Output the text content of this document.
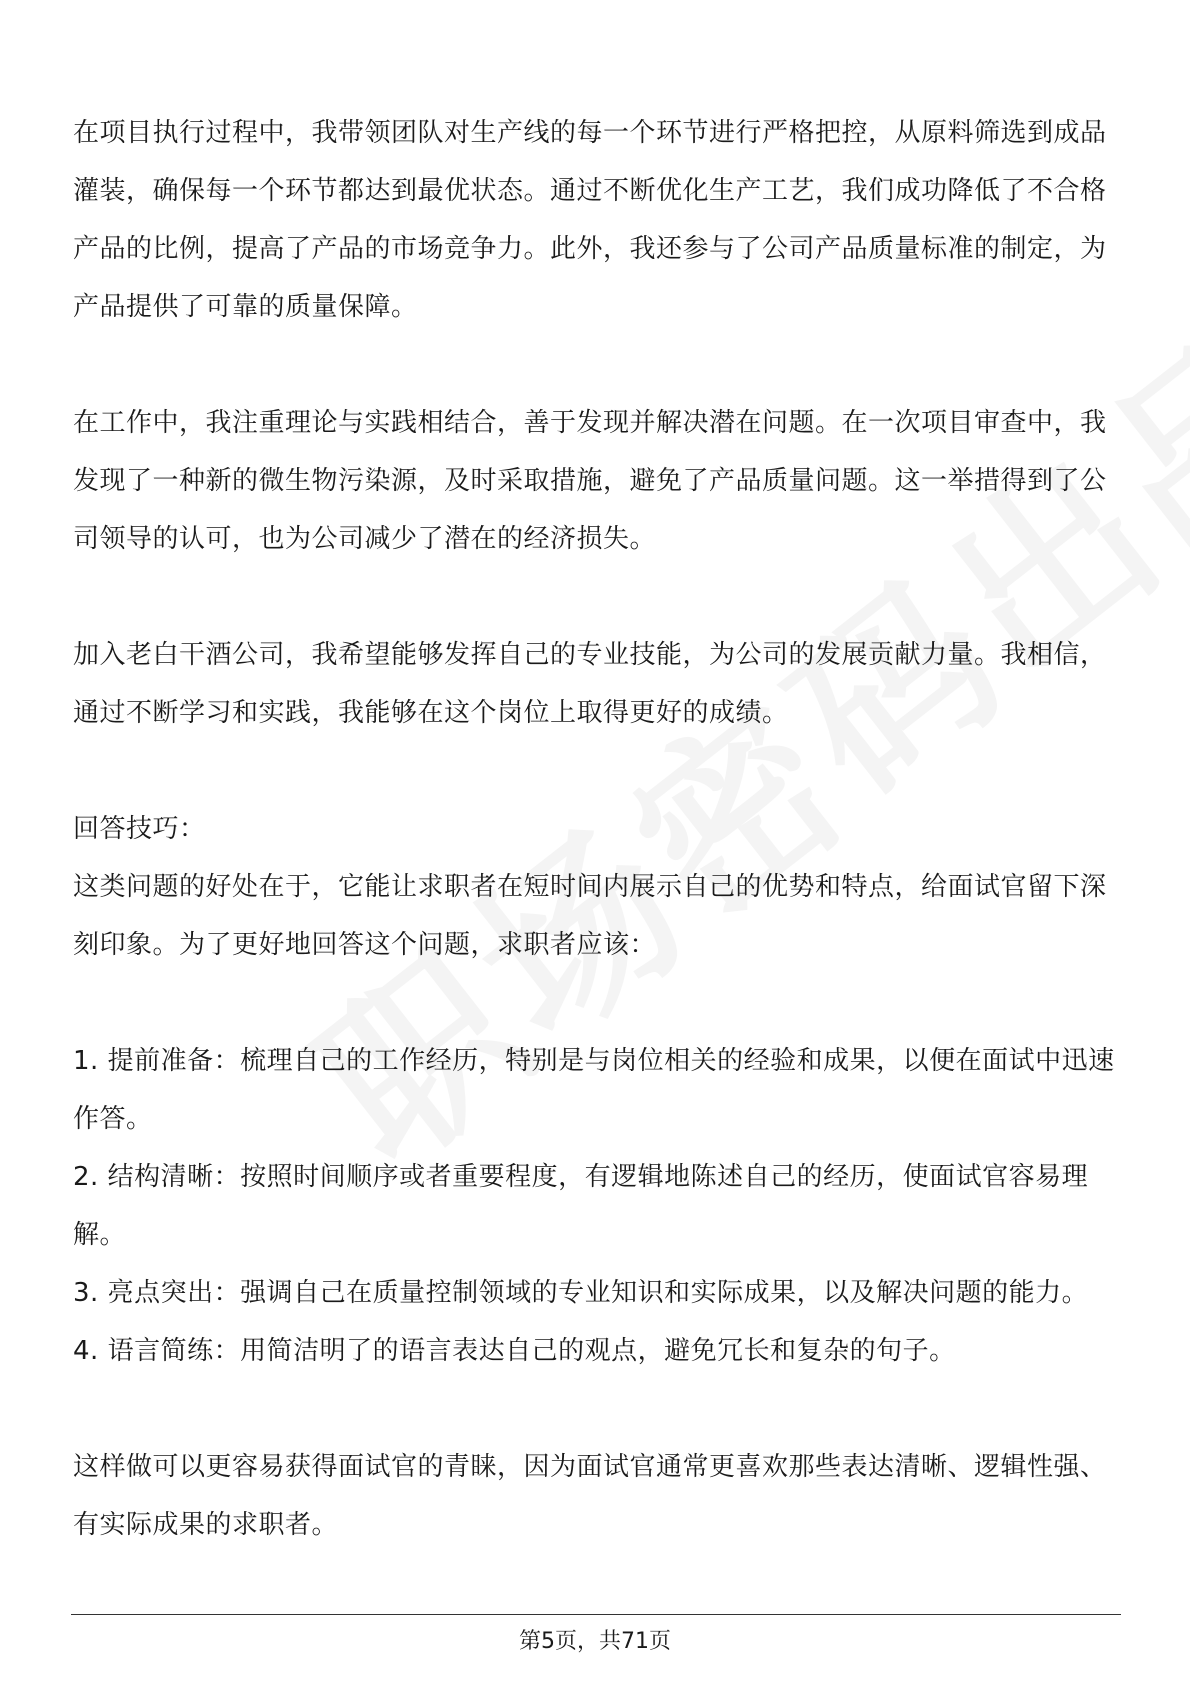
在项目执行过程中，我带领团队对生产线的每一个环节进行严格把控，从原料筛选到成品灌装，确保每一个环节都达到最优状态。通过不断优化生产工艺，我们成功降低了不合格产品的比例，提高了产品的市场竞争力。此外，我还参与了公司产品质量标准的制定，为产品提供了可靠的质量保障。

在工作中，我注重理论与实践相结合，善于发现并解决潜在问题。在一次项目审查中，我发现了一种新的微生物污染源，及时采取措施，避免了产品质量问题。这一举措得到了公司领导的认可，也为公司减少了潜在的经济损失。

加入老白干酒公司，我希望能够发挥自己的专业技能，为公司的发展贡献力量。我相信，通过不断学习和实践，我能够在这个岗位上取得更好的成绩。

回答技巧：

这类问题的好处在于，它能让求职者在短时间内展示自己的优势和特点，给面试官留下深刻印象。为了更好地回答这个问题，求职者应该：

1. 提前准备：梳理自己的工作经历，特别是与岗位相关的经验和成果，以便在面试中迅速作答。

2. 结构清晰：按照时间顺序或者重要程度，有逻辑地陈述自己的经历，使面试官容易理解。

3. 亮点突出：强调自己在质量控制领域的专业知识和实际成果，以及解决问题的能力。

4. 语言简练：用简洁明了的语言表达自己的观点，避免冗长和复杂的句子。

这样做可以更容易获得面试官的青睐，因为面试官通常更喜欢那些表达清晰、逻辑性强、有实际成果的求职者。

第5页，共71页
